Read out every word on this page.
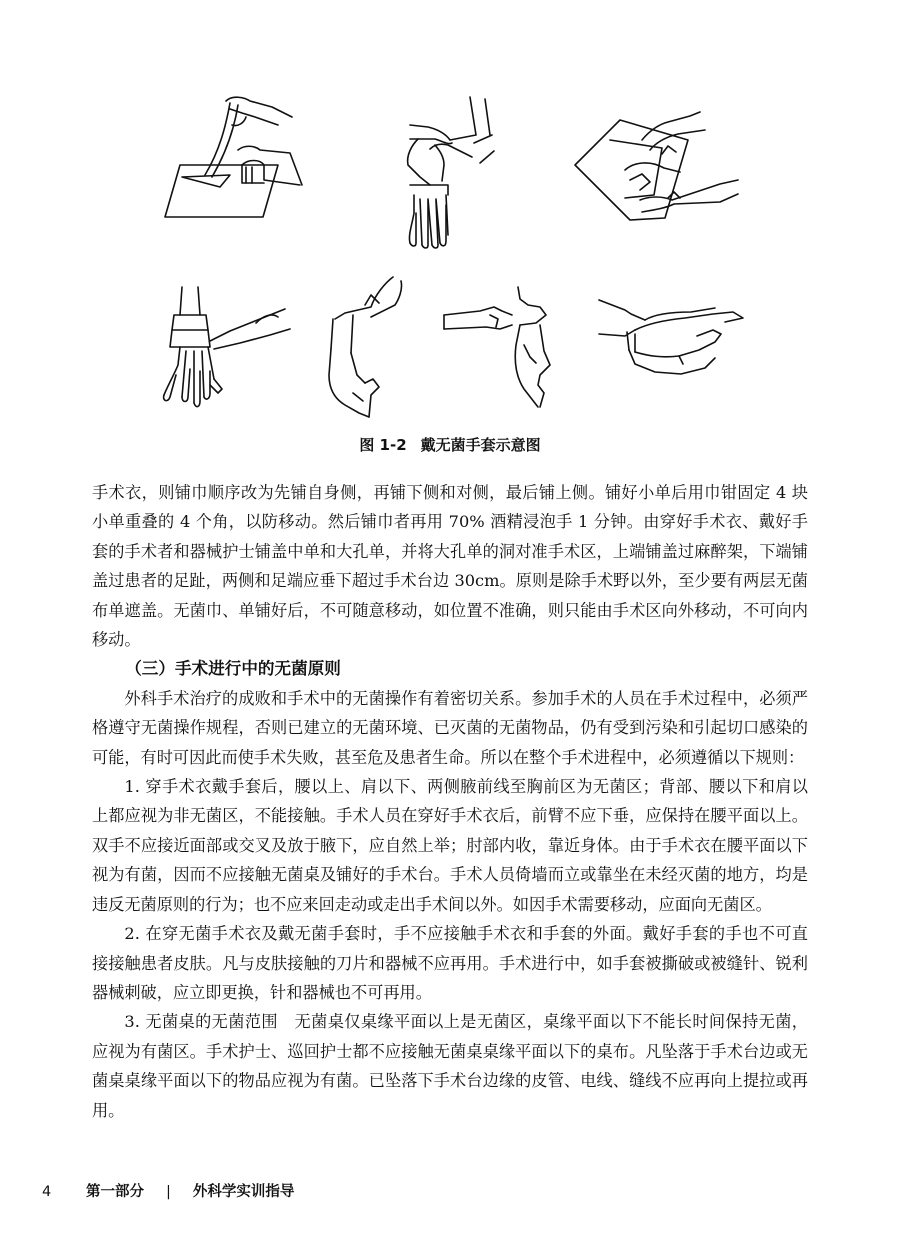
图 1-2 戴无菌手套示意图

手术衣，则铺巾顺序改为先铺自身侧，再铺下侧和对侧，最后铺上侧。铺好小单后用巾钳固定 4 块小单重叠的 4 个角，以防移动。然后铺巾者再用 70% 酒精浸泡手 1 分钟。由穿好手术衣、戴好手套的手术者和器械护士铺盖中单和大孔单，并将大孔单的洞对准手术区，上端铺盖过麻醉架，下端铺盖过患者的足趾，两侧和足端应垂下超过手术台边 30cm。原则是除手术野以外，至少要有两层无菌布单遮盖。无菌巾、单铺好后，不可随意移动，如位置不准确，则只能由手术区向外移动，不可向内移动。

（三）手术进行中的无菌原则

外科手术治疗的成败和手术中的无菌操作有着密切关系。参加手术的人员在手术过程中，必须严格遵守无菌操作规程，否则已建立的无菌环境、已灭菌的无菌物品，仍有受到污染和引起切口感染的可能，有时可因此而使手术失败，甚至危及患者生命。所以在整个手术进程中，必须遵循以下规则：

1. 穿手术衣戴手套后，腰以上、肩以下、两侧腋前线至胸前区为无菌区；背部、腰以下和肩以上都应视为非无菌区，不能接触。手术人员在穿好手术衣后，前臂不应下垂，应保持在腰平面以上。双手不应接近面部或交叉及放于腋下，应自然上举；肘部内收，靠近身体。由于手术衣在腰平面以下视为有菌，因而不应接触无菌桌及铺好的手术台。手术人员倚墙而立或靠坐在未经灭菌的地方，均是违反无菌原则的行为；也不应来回走动或走出手术间以外。如因手术需要移动，应面向无菌区。

2. 在穿无菌手术衣及戴无菌手套时，手不应接触手术衣和手套的外面。戴好手套的手也不可直接接触患者皮肤。凡与皮肤接触的刀片和器械不应再用。手术进行中，如手套被撕破或被缝针、锐利器械刺破，应立即更换，针和器械也不可再用。

3. 无菌桌的无菌范围　无菌桌仅桌缘平面以上是无菌区，桌缘平面以下不能长时间保持无菌，应视为有菌区。手术护士、巡回护士都不应接触无菌桌桌缘平面以下的桌布。凡坠落于手术台边或无菌桌桌缘平面以下的物品应视为有菌。已坠落下手术台边缘的皮管、电线、缝线不应再向上提拉或再用。

4 第一部分 | 外科学实训指导
